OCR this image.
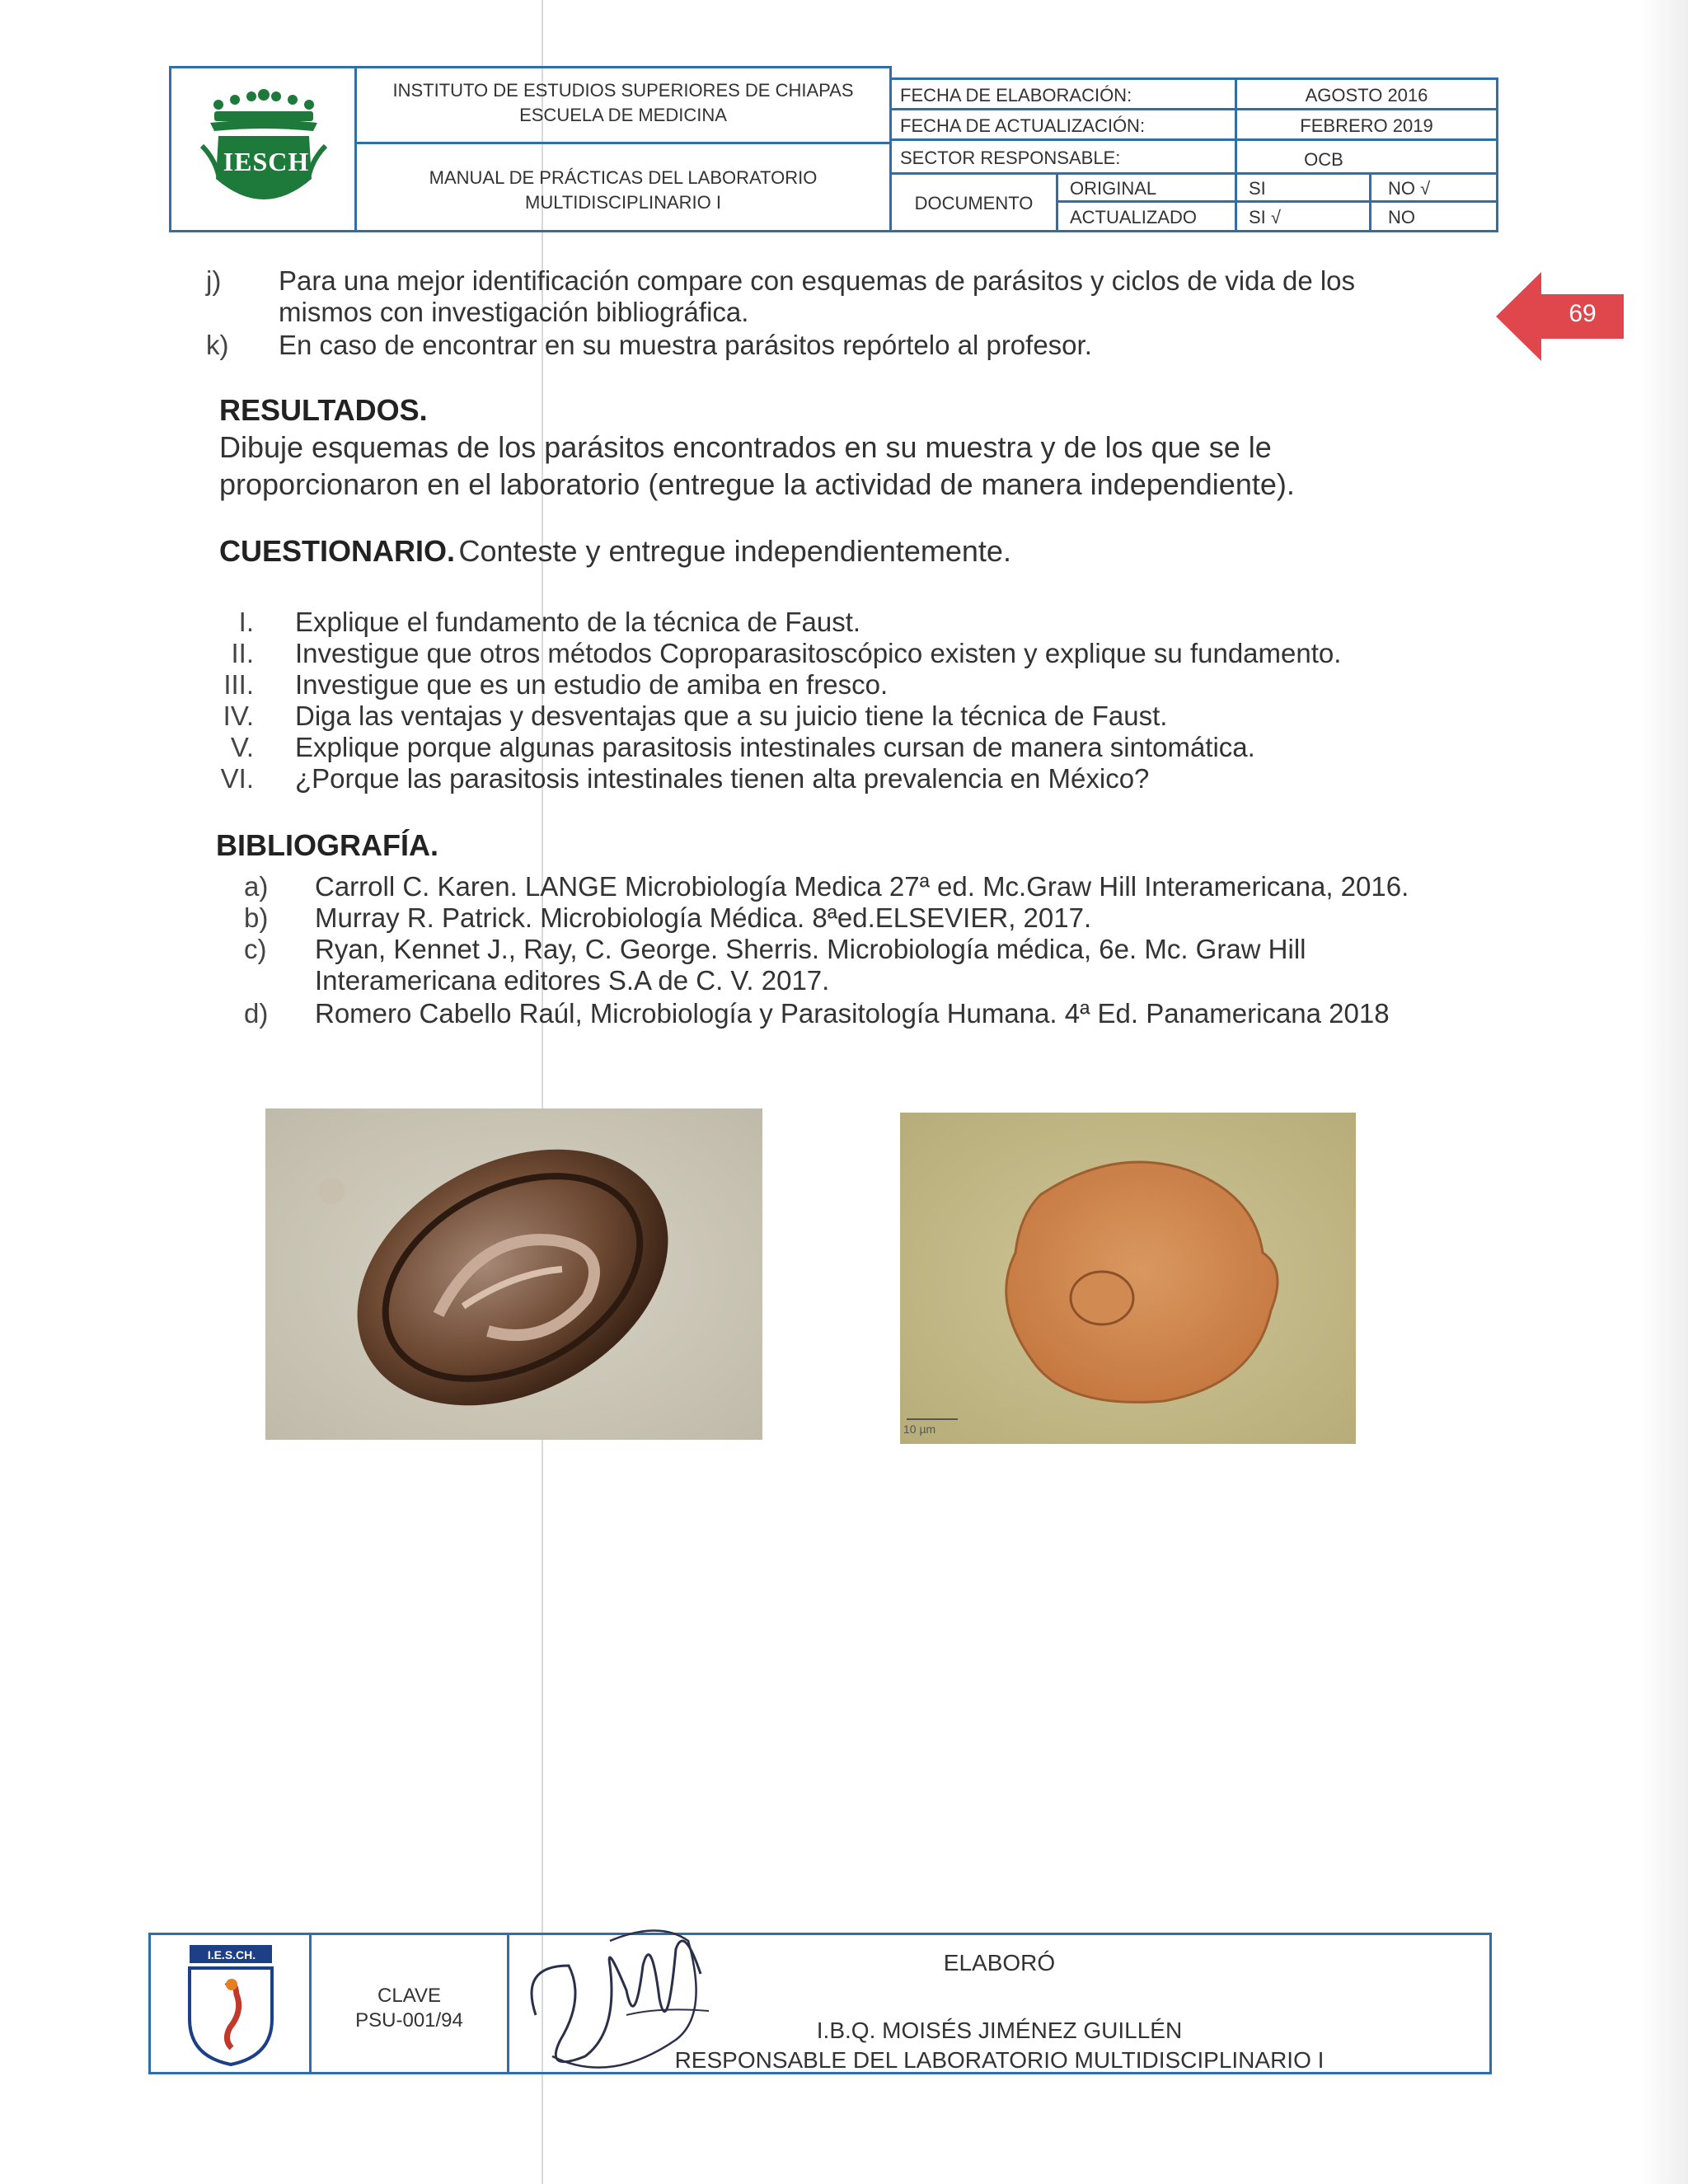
IESCH
INSTITUTO DE ESTUDIOS SUPERIORES DE CHIAPAS
ESCUELA DE MEDICINA
MANUAL DE PRÁCTICAS DEL LABORATORIO
MULTIDISCIPLINARIO I
FECHA DE ELABORACIÓN:	AGOSTO 2016
FECHA DE ACTUALIZACIÓN:	FEBRERO 2019
SECTOR RESPONSABLE:	OCB
DOCUMENTO
ORIGINAL	SI	NO √
ACTUALIZADO	SI √	NO
69
j)	Para una mejor identificación compare con esquemas de parásitos y ciclos de vida de los
mismos con investigación bibliográfica.
k)	En caso de encontrar en su muestra parásitos repórtelo al profesor.
RESULTADOS.
Dibuje esquemas de los parásitos encontrados en su muestra y de los que se le
proporcionaron en el laboratorio (entregue la actividad de manera independiente).
CUESTIONARIO. Conteste y entregue independientemente.
I. Explique el fundamento de la técnica de Faust.
II. Investigue que otros métodos Coproparasitoscópico existen y explique su fundamento.
III. Investigue que es un estudio de amiba en fresco.
IV. Diga las ventajas y desventajas que a su juicio tiene la técnica de Faust.
V. Explique porque algunas parasitosis intestinales cursan de manera sintomática.
VI. ¿Porque las parasitosis intestinales tienen alta prevalencia en México?
BIBLIOGRAFÍA.
a)	Carroll C. Karen. LANGE Microbiología Medica 27ª ed. Mc.Graw Hill Interamericana, 2016.
b)	Murray R. Patrick. Microbiología Médica. 8ªed.ELSEVIER, 2017.
c)	Ryan, Kennet J., Ray, C. George. Sherris. Microbiología médica, 6e. Mc. Graw Hill
Interamericana editores S.A de C. V. 2017.
d)	Romero Cabello Raúl, Microbiología y Parasitología Humana. 4ª Ed. Panamericana 2018
10 µm
I.E.S.CH.
CLAVE
PSU-001/94
ELABORÓ
I.B.Q. MOISÉS JIMÉNEZ GUILLÉN
RESPONSABLE DEL LABORATORIO MULTIDISCIPLINARIO I
